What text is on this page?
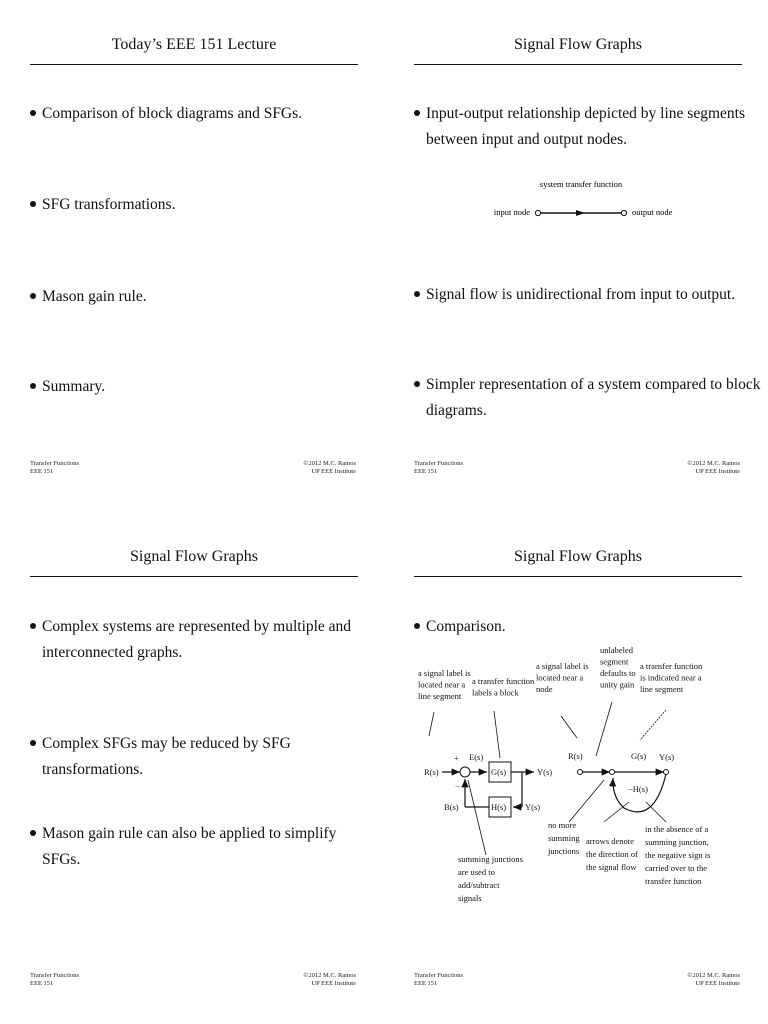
Today’s EEE 151 Lecture
Comparison of block diagrams and SFGs.
SFG transformations.
Mason gain rule.
Summary.
Transfer Functions
EEE 151
©2012 M.C. Ramos
UP EEE Institute
Signal Flow Graphs
Input-output relationship depicted by line segments between input and output nodes.
system transfer function
input node	output node
Signal flow is unidirectional from input to output.
Simpler representation of a system compared to block diagrams.
Transfer Functions
EEE 151
©2012 M.C. Ramos
UP EEE Institute
Signal Flow Graphs
Complex systems are represented by multiple and interconnected graphs.
Complex SFGs may be reduced by SFG transformations.
Mason gain rule can also be applied to simplify SFGs.
Transfer Functions
EEE 151
©2012 M.C. Ramos
UP EEE Institute
Signal Flow Graphs
Comparison.
a signal label is located near a line segment
a transfer function labels a block
a signal label is located near a node
unlabeled segment defaults to unity gain
a transfer function is indicated near a line segment
R(s)
+
−
E(s)
G(s)	Y(s)
H(s) Y(s)
B(s)
R(s)	G(s) Y(s)
−H(s)
no more summing junctions
arrows denote the direction of the signal flow
in the absence of a summing junction, the negative sign is carried over to the transfer function
summing junctions are used to add/subtract signals
Transfer Functions
EEE 151
©2012 M.C. Ramos
UP EEE Institute
